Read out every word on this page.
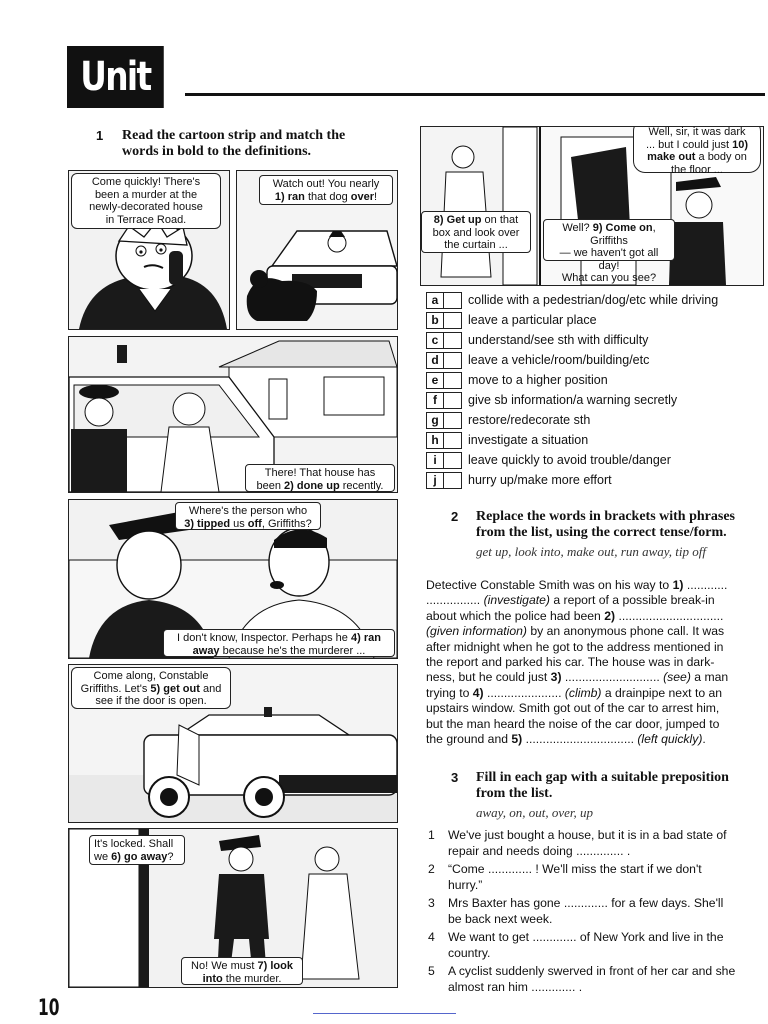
Unit 2
1 Read the cartoon strip and match the
words in bold to the definitions.
Come quickly! There's
been a murder at the
newly-decorated house
in Terrace Road.
Watch out! You nearly
1) ran that dog over!
There! That house has
been 2) done up recently.
Where's the person who
3) tipped us off, Griffiths?
I don't know, Inspector. Perhaps he 4) ran
away because he's the murderer ...
Come along, Constable
Griffiths. Let's 5) get out and
see if the door is open.
It's locked. Shall
we 6) go away?
No! We must 7) look
into the murder.
Well, sir, it was dark
... but I could just 10)
make out a body on
the floor ...
8) Get up on that
box and look over
the curtain ...
Well? 9) Come on, Griffiths
— we haven't got all day!
What can you see?
a collide with a pedestrian/dog/etc while driving
b leave a particular place
c understand/see sth with difficulty
d leave a vehicle/room/building/etc
e move to a higher position
f give sb information/a warning secretly
g restore/redecorate sth
h investigate a situation
i	leave quickly to avoid trouble/danger
j	hurry up/make more effort
2 Replace the words in brackets with phrases
from the list, using the correct tense/form.
get up, look into, make out, run away, tip off
Detective Constable Smith was on his way to 1) ............
................ (investigate) a report of a possible break-in
about which the police had been 2) ...............................
(given information) by an anonymous phone call. It was
after midnight when he got to the address mentioned in
the report and parked his car. The house was in dark-
ness, but he could just 3) ............................ (see) a man
trying to 4) ...................... (climb) a drainpipe next to an
upstairs window. Smith got out of the car to arrest him,
but the man heard the noise of the car door, jumped to
the ground and 5) ................................ (left quickly).
3 Fill in each gap with a suitable preposition
from the list.
away, on, out, over, up
1 We've just bought a house, but it is in a bad state of
repair and needs doing .............. .
2 “Come ............. ! We'll miss the start if we don't
hurry.”
3 Mrs Baxter has gone ............. for a few days. She'll
be back next week.
4 We want to get ............. of New York and live in the
country.
5 A cyclist suddenly swerved in front of her car and she
almost ran him ............. .
10
